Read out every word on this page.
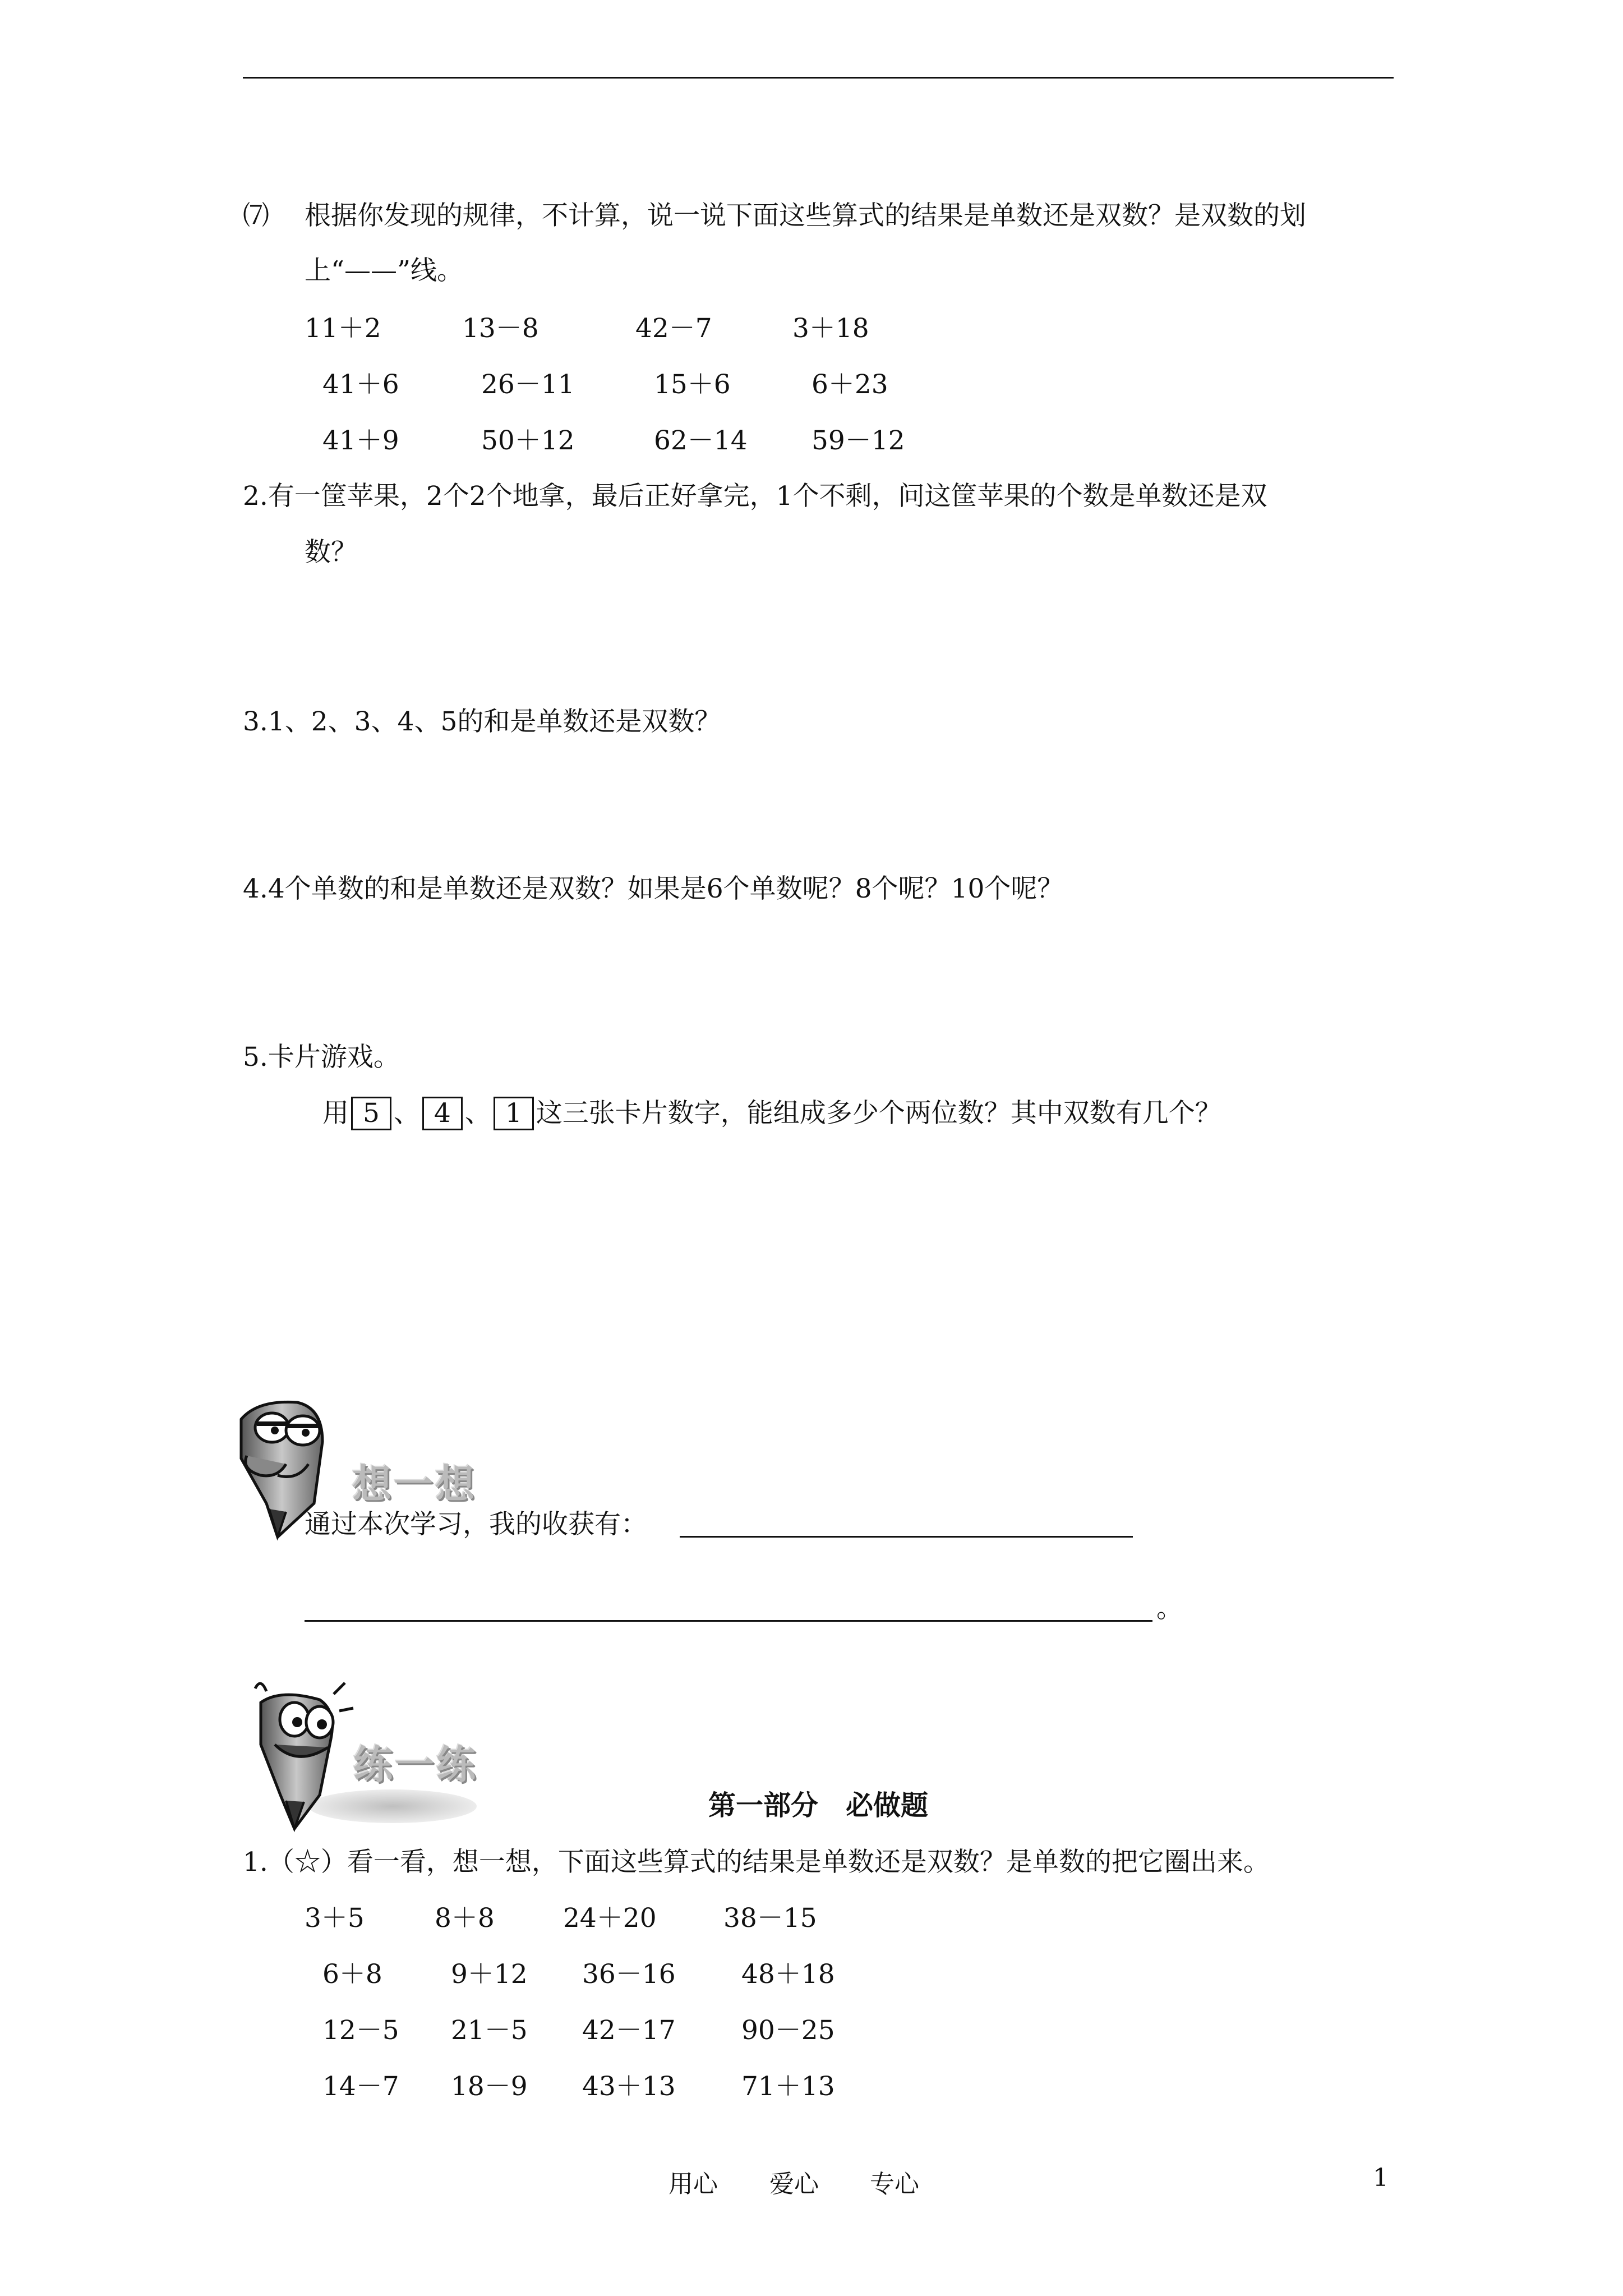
⑺ 根据你发现的规律，不计算，说一说下面这些算式的结果是单数还是双数？是双数的划
上“——”线。
11＋2	13－8	42－7	3＋18
41＋6	26－11	15＋6	6＋23
41＋9	50＋12	62－14 59－12
2.有一筐苹果，2个2个地拿，最后正好拿完，1个不剩，问这筐苹果的个数是单数还是双
数？
3.1、2、3、4、5的和是单数还是双数？
4.4个单数的和是单数还是双数？如果是6个单数呢？8个呢？10个呢？
5.卡片游戏。
用 5 、 4 、 1 这三张卡片数字，能组成多少个两位数？其中双数有几个？
想一想
通过本次学习，我的收获有：
。
练一练
第一部分　必做题
1.（☆）看一看，想一想，下面这些算式的结果是单数还是双数？是单数的把它圈出来。
3＋5	8＋8	24＋20	38－15
6＋8	9＋12 36－16 48＋18
12－5 21－5 42－17 90－25
14－7 18－9 43＋13 71＋13
用心 爱心 专心	1
